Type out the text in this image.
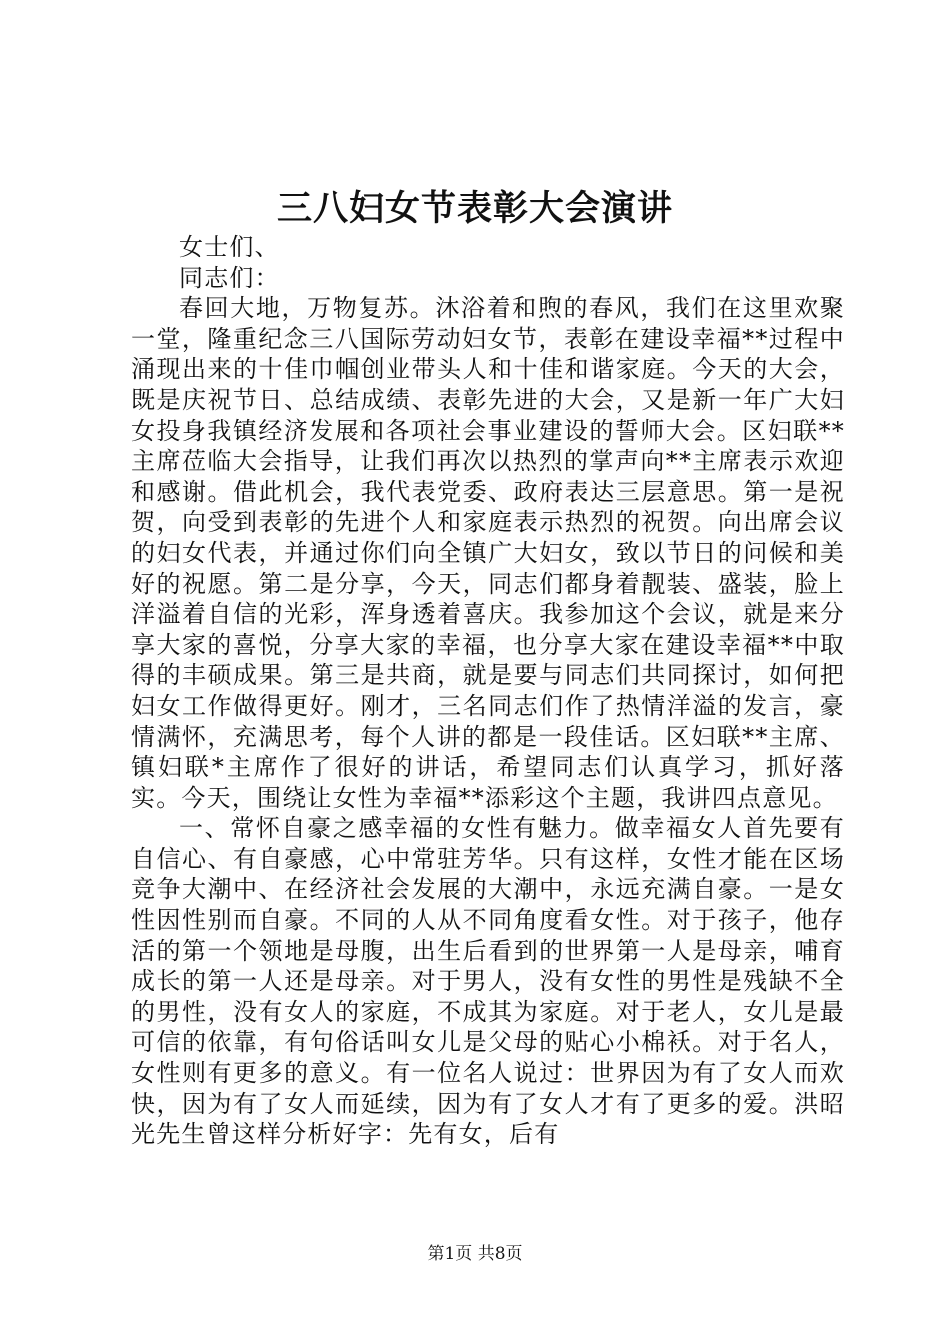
三八妇女节表彰大会演讲

女士们、

同志们：

春回大地，万物复苏。沐浴着和煦的春风，我们在这里欢聚一堂，隆重纪念三八国际劳动妇女节，表彰在建设幸福**过程中涌现出来的十佳巾帼创业带头人和十佳和谐家庭。今天的大会，既是庆祝节日、总结成绩、表彰先进的大会，又是新一年广大妇女投身我镇经济发展和各项社会事业建设的誓师大会。区妇联**主席莅临大会指导，让我们再次以热烈的掌声向**主席表示欢迎和感谢。借此机会，我代表党委、政府表达三层意思。第一是祝贺，向受到表彰的先进个人和家庭表示热烈的祝贺。向出席会议的妇女代表，并通过你们向全镇广大妇女，致以节日的问候和美好的祝愿。第二是分享，今天，同志们都身着靓装、盛装，脸上洋溢着自信的光彩，浑身透着喜庆。我参加这个会议，就是来分享大家的喜悦，分享大家的幸福，也分享大家在建设幸福**中取得的丰硕成果。第三是共商，就是要与同志们共同探讨，如何把妇女工作做得更好。刚才，三名同志们作了热情洋溢的发言，豪情满怀，充满思考，每个人讲的都是一段佳话。区妇联**主席、镇妇联*主席作了很好的讲话，希望同志们认真学习，抓好落实。今天，围绕让女性为幸福**添彩这个主题，我讲四点意见。

一、常怀自豪之感幸福的女性有魅力。做幸福女人首先要有自信心、有自豪感，心中常驻芳华。只有这样，女性才能在区场竞争大潮中、在经济社会发展的大潮中，永远充满自豪。一是女性因性别而自豪。不同的人从不同角度看女性。对于孩子，他存活的第一个领地是母腹，出生后看到的世界第一人是母亲，哺育成长的第一人还是母亲。对于男人，没有女性的男性是残缺不全的男性，没有女人的家庭，不成其为家庭。对于老人，女儿是最可信的依靠，有句俗话叫女儿是父母的贴心小棉袄。对于名人，女性则有更多的意义。有一位名人说过：世界因为有了女人而欢快，因为有了女人而延续，因为有了女人才有了更多的爱。洪昭光先生曾这样分析好字：先有女，后有

第1页 共8页
